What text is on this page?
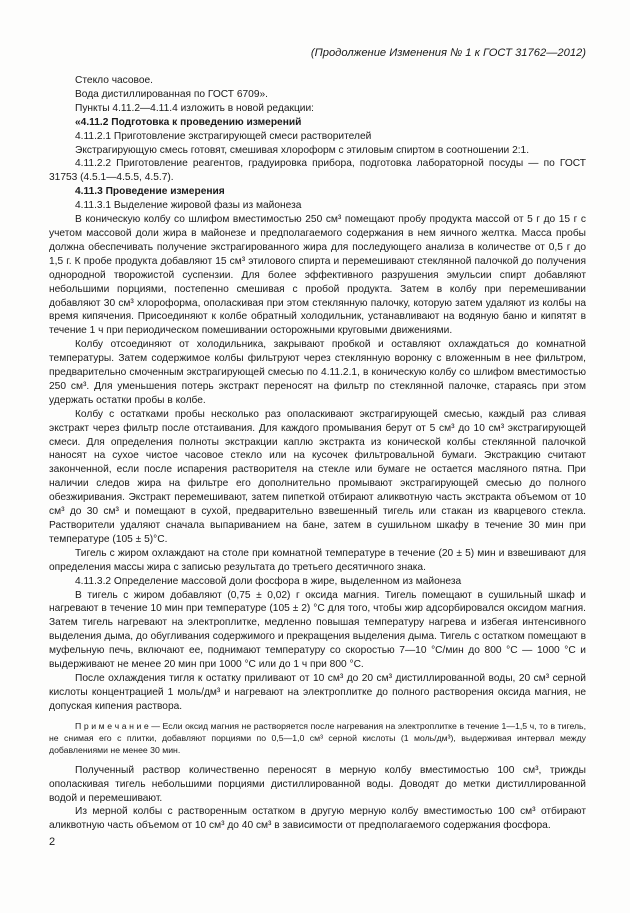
(Продолжение Изменения № 1 к ГОСТ 31762—2012)

Стекло часовое.

Вода дистиллированная по ГОСТ 6709».

Пункты 4.11.2—4.11.4 изложить в новой редакции:

«4.11.2 Подготовка к проведению измерений

4.11.2.1 Приготовление экстрагирующей смеси растворителей

Экстрагирующую смесь готовят, смешивая хлороформ с этиловым спиртом в соотношении 2:1.

4.11.2.2 Приготовление реагентов, градуировка прибора, подготовка лабораторной посуды — по ГОСТ 31753 (4.5.1—4.5.5, 4.5.7).

4.11.3 Проведение измерения

4.11.3.1 Выделение жировой фазы из майонеза

В коническую колбу со шлифом вместимостью 250 см³ помещают пробу продукта массой от 5 г до 15 г с учетом массовой доли жира в майонезе и предполагаемого содержания в нем яичного желтка. Масса пробы должна обеспечивать получение экстрагированного жира для последующего анализа в количестве от 0,5 г до 1,5 г. К пробе продукта добавляют 15 см³ этилового спирта и перемешивают стеклянной палочкой до получения однородной творожистой суспензии. Для более эффективного разрушения эмульсии спирт добавляют небольшими порциями, постепенно смешивая с пробой продукта. Затем в колбу при перемешивании добавляют 30 см³ хлороформа, ополаскивая при этом стеклянную палочку, которую затем удаляют из колбы на время кипячения. Присоединяют к колбе обратный холодильник, устанавливают на водяную баню и кипятят в течение 1 ч при периодическом помешивании осторожными круговыми движениями.

Колбу отсоединяют от холодильника, закрывают пробкой и оставляют охлаждаться до комнатной температуры. Затем содержимое колбы фильтруют через стеклянную воронку с вложенным в нее фильтром, предварительно смоченным экстрагирующей смесью по 4.11.2.1, в коническую колбу со шлифом вместимостью 250 см³. Для уменьшения потерь экстракт переносят на фильтр по стеклянной палочке, стараясь при этом удержать остатки пробы в колбе.

Колбу с остатками пробы несколько раз ополаскивают экстрагирующей смесью, каждый раз сливая экстракт через фильтр после отстаивания. Для каждого промывания берут от 5 см³ до 10 см³ экстрагирующей смеси. Для определения полноты экстракции каплю экстракта из конической колбы стеклянной палочкой наносят на сухое чистое часовое стекло или на кусочек фильтровальной бумаги. Экстракцию считают законченной, если после испарения растворителя на стекле или бумаге не остается масляного пятна. При наличии следов жира на фильтре его дополнительно промывают экстрагирующей смесью до полного обезжиривания. Экстракт перемешивают, затем пипеткой отбирают аликвотную часть экстракта объемом от 10 см³ до 30 см³ и помещают в сухой, предварительно взвешенный тигель или стакан из кварцевого стекла. Растворители удаляют сначала выпариванием на бане, затем в сушильном шкафу в течение 30 мин при температуре (105 ± 5)°С.

Тигель с жиром охлаждают на столе при комнатной температуре в течение (20 ± 5) мин и взвешивают для определения массы жира с записью результата до третьего десятичного знака.

4.11.3.2 Определение массовой доли фосфора в жире, выделенном из майонеза

В тигель с жиром добавляют (0,75 ± 0,02) г оксида магния. Тигель помещают в сушильный шкаф и нагревают в течение 10 мин при температуре (105 ± 2) °С для того, чтобы жир адсорбировался оксидом магния. Затем тигель нагревают на электроплитке, медленно повышая температуру нагрева и избегая интенсивного выделения дыма, до обугливания содержимого и прекращения выделения дыма. Тигель с остатком помещают в муфельную печь, включают ее, поднимают температуру со скоростью 7—10 °С/мин до 800 °С — 1000 °С и выдерживают не менее 20 мин при 1000 °С или до 1 ч при 800 °С.

После охлаждения тигля к остатку приливают от 10 см³ до 20 см³ дистиллированной воды, 20 см³ серной кислоты концентрацией 1 моль/дм³ и нагревают на электроплитке до полного растворения оксида магния, не допуская кипения раствора.

П р и м е ч а н и е — Если оксид магния не растворяется после нагревания на электроплитке в течение 1—1,5 ч, то в тигель, не снимая его с плитки, добавляют порциями по 0,5—1,0 см³ серной кислоты (1 моль/дм³), выдерживая интервал между добавлениями не менее 30 мин.

Полученный раствор количественно переносят в мерную колбу вместимостью 100 см³, трижды ополаскивая тигель небольшими порциями дистиллированной воды. Доводят до метки дистиллированной водой и перемешивают.

Из мерной колбы с растворенным остатком в другую мерную колбу вместимостью 100 см³ отбирают аликвотную часть объемом от 10 см³ до 40 см³ в зависимости от предполагаемого содержания фосфора.

2
